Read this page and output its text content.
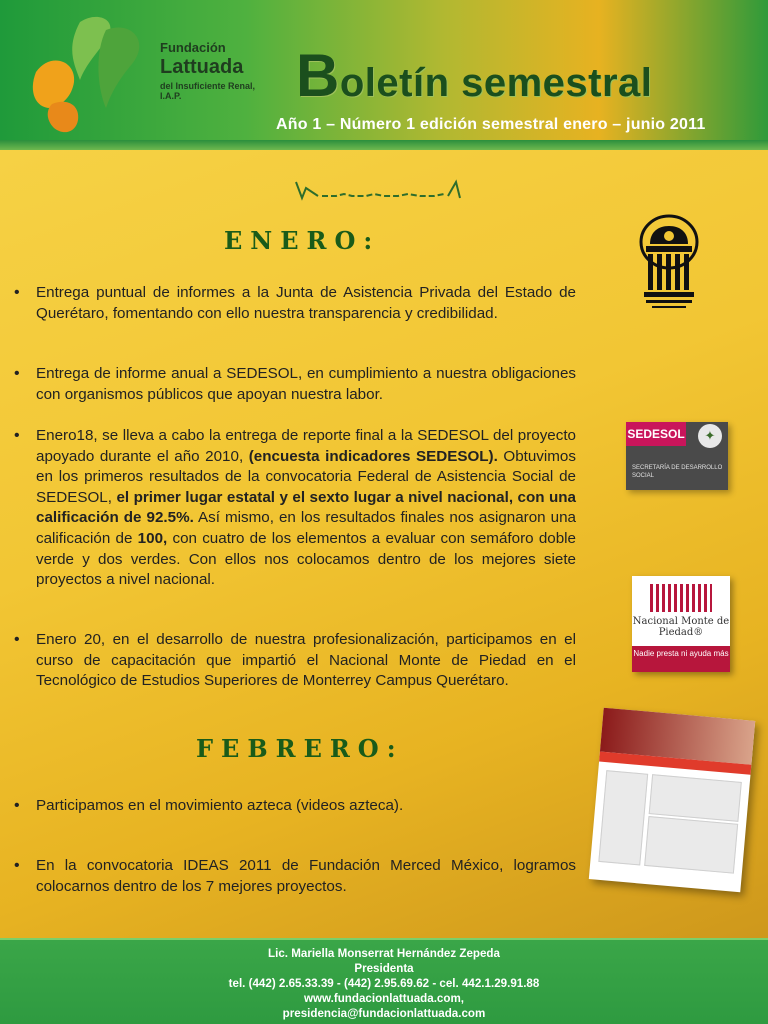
Fundación
Lattuada
del Insuficiente Renal, I.A.P.	Boletín semestral
Año 1 – Número 1 edición semestral enero – junio 2011
ENERO:

• Entrega puntual de informes a la Junta de Asistencia Privada del Estado de Querétaro, fomentando con ello nuestra transparencia y credibilidad.

• Entrega de informe anual a SEDESOL, en cumplimiento a nuestra obligaciones con organismos públicos que apoyan nuestra labor.

• Enero18, se lleva a cabo la entrega de reporte final a la SEDESOL del proyecto apoyado durante el año 2010, (encuesta indicadores SEDESOL). Obtuvimos en los primeros resultados de la convocatoria Federal de Asistencia Social de SEDESOL, el primer lugar estatal y el sexto lugar a nivel nacional, con una calificación de 92.5%. Así mismo, en los resultados finales nos asignaron una calificación de 100, con cuatro de los elementos a evaluar con semáforo doble verde y dos verdes. Con ellos nos colocamos dentro de los mejores siete proyectos a nivel nacional.

• Enero 20, en el desarrollo de nuestra profesionalización, participamos en el curso de capacitación que impartió el Nacional Monte de Piedad en el Tecnológico de Estudios Superiores de Monterrey Campus Querétaro.

FEBRERO:

• Participamos en el movimiento azteca (videos azteca).

• En la convocatoria IDEAS 2011 de Fundación Merced México, logramos colocarnos dentro de los 7 mejores proyectos.

SEDESOL	✦
SECRETARÍA DE DESARROLLO SOCIAL
Nacional Monte de Piedad®
Nadie presta ni ayuda más
Lic. Mariella Monserrat Hernández Zepeda
Presidenta
tel. (442) 2.65.33.39 - (442) 2.95.69.62 - cel. 442.1.29.91.88
www.fundacionlattuada.com,
presidencia@fundacionlattuada.com
